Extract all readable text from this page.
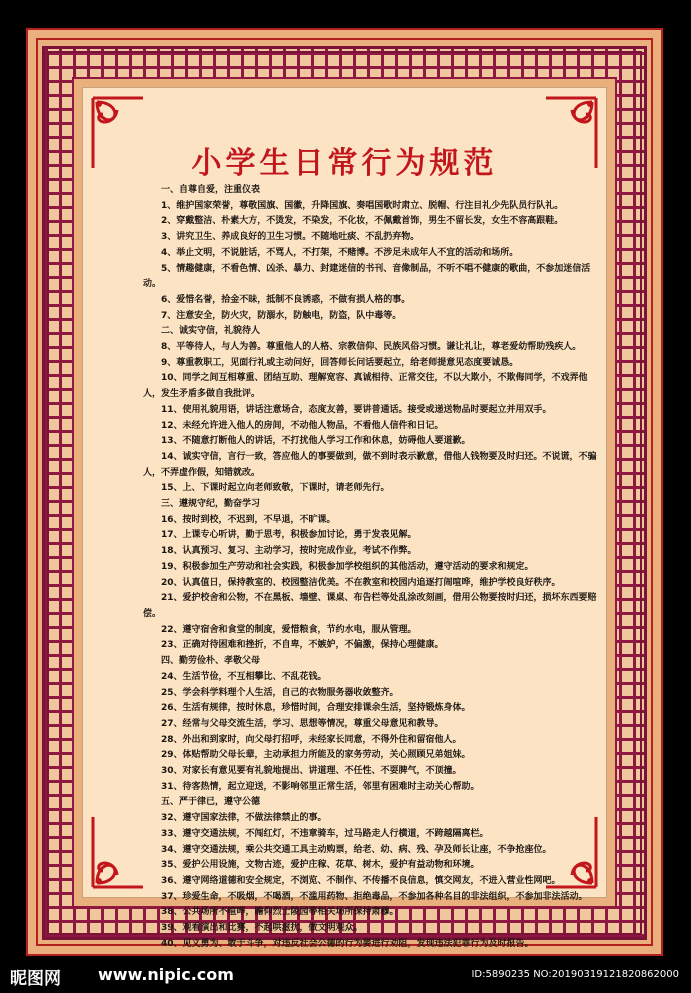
小学生日常行为规范
一、自尊自爱，注重仪表
1、维护国家荣誉，尊敬国旗、国徽，升降国旗、奏唱国歌时肃立、脱帽、行注目礼少先队员行队礼。
2、穿戴整洁、朴素大方，不烫发，不染发，不化妆，不佩戴首饰，男生不留长发，女生不容高跟鞋。
3、讲究卫生、养成良好的卫生习惯。不随地吐痰、不乱扔弃物。
4、举止文明，不说脏话，不骂人，不打架，不赌博。不涉足未成年人不宜的活动和场所。
5、情趣健康，不看色情、凶杀、暴力、封建迷信的书刊、音像制品，不听不唱不健康的歌曲，不参加迷信活动。
6、爱惜名誉，拾金不昧，抵制不良诱惑，不做有损人格的事。
7、注意安全，防火灾，防溺水，防触电，防盗，队中毒等。
二、诚实守信，礼貌待人
8、平等待人，与人为善。尊重他人的人格、宗教信仰、民族风俗习惯。谦让礼让，尊老爱幼帮助残疾人。
9、尊重教职工，见面行礼或主动问好，回答师长问话要起立，给老师提意见态度要诚恳。
10、同学之间互相尊重、团结互助、理解宽容、真诚相待、正常交往，不以大欺小，不欺侮同学，不戏弄他人，发生矛盾多做自我批评。
11、使用礼貌用语，讲话注意场合，态度友善，要讲普通话。接受或递送物品时要起立并用双手。
12、未经允许进入他人的房间，不动他人物品，不看他人信件和日记。
13、不随意打断他人的讲话，不打扰他人学习工作和休息，妨碍他人要道歉。
14、诚实守信，言行一致，答应他人的事要做到，做不到时表示歉意，借他人钱物要及时归还。不说谎，不骗人，不弄虚作假，知错就改。
15、上、下课时起立向老师致敬，下课时，请老师先行。
三、遵规守纪，勤奋学习
16、按时到校，不迟到，不早退，不旷课。
17、上课专心听讲，勤于思考，积极参加讨论，勇于发表见解。
18、认真预习、复习、主动学习，按时完成作业，考试不作弊。
19、积极参加生产劳动和社会实践，积极参加学校组织的其他活动，遵守活动的要求和规定。
20、认真值日，保持教室的、校园整洁优美。不在教室和校园内追逐打闹喧哗，维护学校良好秩序。
21、爱护校舍和公物，不在黑板、墙壁、课桌、布告栏等处乱涂改刻画，借用公物要按时归还，损坏东西要赔偿。
22、遵守宿舍和食堂的制度，爱惜粮食，节约水电，服从管理。
23、正确对待困难和挫折，不自卑，不嫉妒，不偏激，保持心理健康。
四、勤劳俭朴、孝敬父母
24、生活节俭，不互相攀比、不乱花钱。
25、学会科学料理个人生活，自己的衣物服务器收敛整齐。
26、生活有规律，按时休息，珍惜时间，合理安排课余生活，坚持锻炼身体。
27、经常与父母交流生活，学习、思想等情况，尊重父母意见和教导。
28、外出和到家时，向父母打招呼，未经家长同意，不得外住和留宿他人。
29、体贴帮助父母长辈，主动承担力所能及的家务劳动，关心照顾兄弟姐妹。
30、对家长有意见要有礼貌地提出、讲道理、不任性、不耍脾气，不顶撞。
31、待客热情，起立迎送，不影响邻里正常生活，邻里有困难时主动关心帮助。
五、严于律已，遵守公德
32、遵守国家法律，不做法律禁止的事。
33、遵守交通法规，不闯红灯，不违章骑车，过马路走人行横道，不跨越隔离栏。
34、遵守交通法规，乘公共交通工具主动购票，给老、幼、病、残、孕及师长让座，不争抢座位。
35、爱护公用设施，文物古迹，爱护庄稼、花草、树木，爱护有益动物和环境。
36、遵守网络道德和安全规定，不浏览、不制作、不传播不良信息，慎交网友，不进入营业性网吧。
37、珍爱生命，不吸烟，不喝酒，不滥用药物、拒绝毒品，不参加各种名目的非法组织，不参加非法活动。
38、公共场所不喧哗，瞻仰烈士陵园等相关场所保持肃穆。
39、观看演出和比赛，不起哄滋扰，做文明观众。
40、见义勇为、敢于斗争，对违反社会公德的行为要进行劝阻，发现违法犯罪行为及时报告。
昵图网 www.nipic.com	ID:5890235 NO:20190319121820862000
